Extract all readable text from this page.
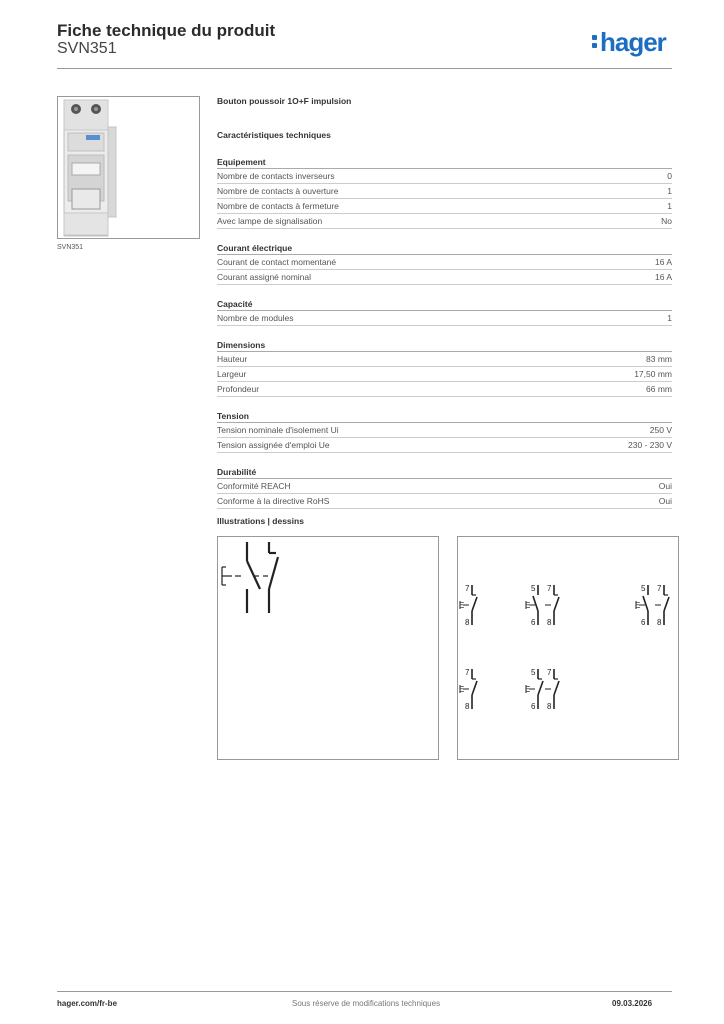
Fiche technique du produit
SVN351	hager
SVN351
Bouton poussoir 1O+F impulsion
Caractéristiques techniques
Equipement
Nombre de contacts inverseurs	0
Nombre de contacts à ouverture	1
Nombre de contacts à fermeture	1
Avec lampe de signalisation	No
Courant électrique
Courant de contact momentané	16 A
Courant assigné nominal	16 A
Capacité
Nombre de modules	1
Dimensions
Hauteur	83 mm
Largeur	17,50 mm
Profondeur	66 mm
Tension
Tension nominale d'isolement Ui	250 V
Tension assignée d'emploi Ue	230 - 230 V
Durabilité
Conformité REACH	Oui
Conforme à la directive RoHS	Oui
Illustrations | dessins
E
7
8
E
5
6
7
8
E
5
6
7
8
E
7
8
E
5
6
7
8
hager.com/fr-be	Sous réserve de modifications techniques	09.03.2026
